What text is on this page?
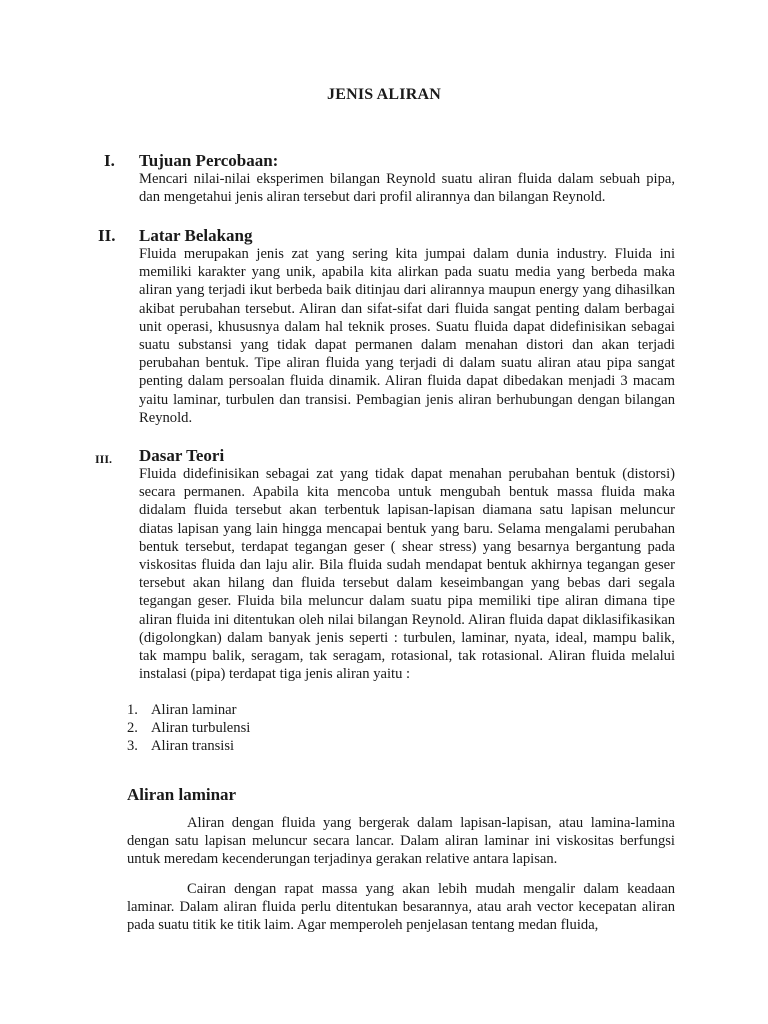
JENIS ALIRAN
I. Tujuan Percobaan:

Mencari nilai-nilai eksperimen bilangan Reynold suatu aliran fluida dalam sebuah pipa, dan mengetahui jenis aliran tersebut dari profil alirannya dan bilangan Reynold.

II. Latar Belakang

Fluida merupakan jenis zat yang sering kita jumpai dalam dunia industry. Fluida ini memiliki karakter yang unik, apabila kita alirkan pada suatu media yang berbeda maka aliran yang terjadi ikut berbeda baik ditinjau dari alirannya maupun energy yang dihasilkan akibat perubahan tersebut. Aliran dan sifat-sifat dari fluida sangat penting dalam berbagai unit operasi, khususnya dalam hal teknik proses. Suatu fluida dapat didefinisikan sebagai suatu substansi yang tidak dapat permanen dalam menahan distori dan akan terjadi perubahan bentuk. Tipe aliran fluida yang terjadi di dalam suatu aliran atau pipa sangat penting dalam persoalan fluida dinamik. Aliran fluida dapat dibedakan menjadi 3 macam yaitu laminar, turbulen dan transisi. Pembagian jenis aliran berhubungan dengan bilangan Reynold.

III. Dasar Teori

Fluida didefinisikan sebagai zat yang tidak dapat menahan perubahan bentuk (distorsi) secara permanen. Apabila kita mencoba untuk mengubah bentuk massa fluida maka didalam fluida tersebut akan terbentuk lapisan-lapisan diamana satu lapisan meluncur diatas lapisan yang lain hingga mencapai bentuk yang baru. Selama mengalami perubahan bentuk tersebut, terdapat tegangan geser ( shear stress) yang besarnya bergantung pada viskositas fluida dan laju alir. Bila fluida sudah mendapat bentuk akhirnya tegangan geser tersebut akan hilang dan fluida tersebut dalam keseimbangan yang bebas dari segala tegangan geser. Fluida bila meluncur dalam suatu pipa memiliki tipe aliran dimana tipe aliran fluida ini ditentukan oleh nilai bilangan Reynold. Aliran fluida dapat diklasifikasikan (digolongkan) dalam banyak jenis seperti : turbulen, laminar, nyata, ideal, mampu balik, tak mampu balik, seragam, tak seragam, rotasional, tak rotasional. Aliran fluida melalui instalasi (pipa) terdapat tiga jenis aliran yaitu :

1. Aliran laminar
2. Aliran turbulensi
3. Aliran transisi
Aliran laminar

Aliran dengan fluida yang bergerak dalam lapisan-lapisan, atau lamina-lamina dengan satu lapisan meluncur secara lancar. Dalam aliran laminar ini viskositas berfungsi untuk meredam kecenderungan terjadinya gerakan relative antara lapisan.

Cairan dengan rapat massa yang akan lebih mudah mengalir dalam keadaan laminar. Dalam aliran fluida perlu ditentukan besarannya, atau arah vector kecepatan aliran pada suatu titik ke titik laim. Agar memperoleh penjelasan tentang medan fluida,
